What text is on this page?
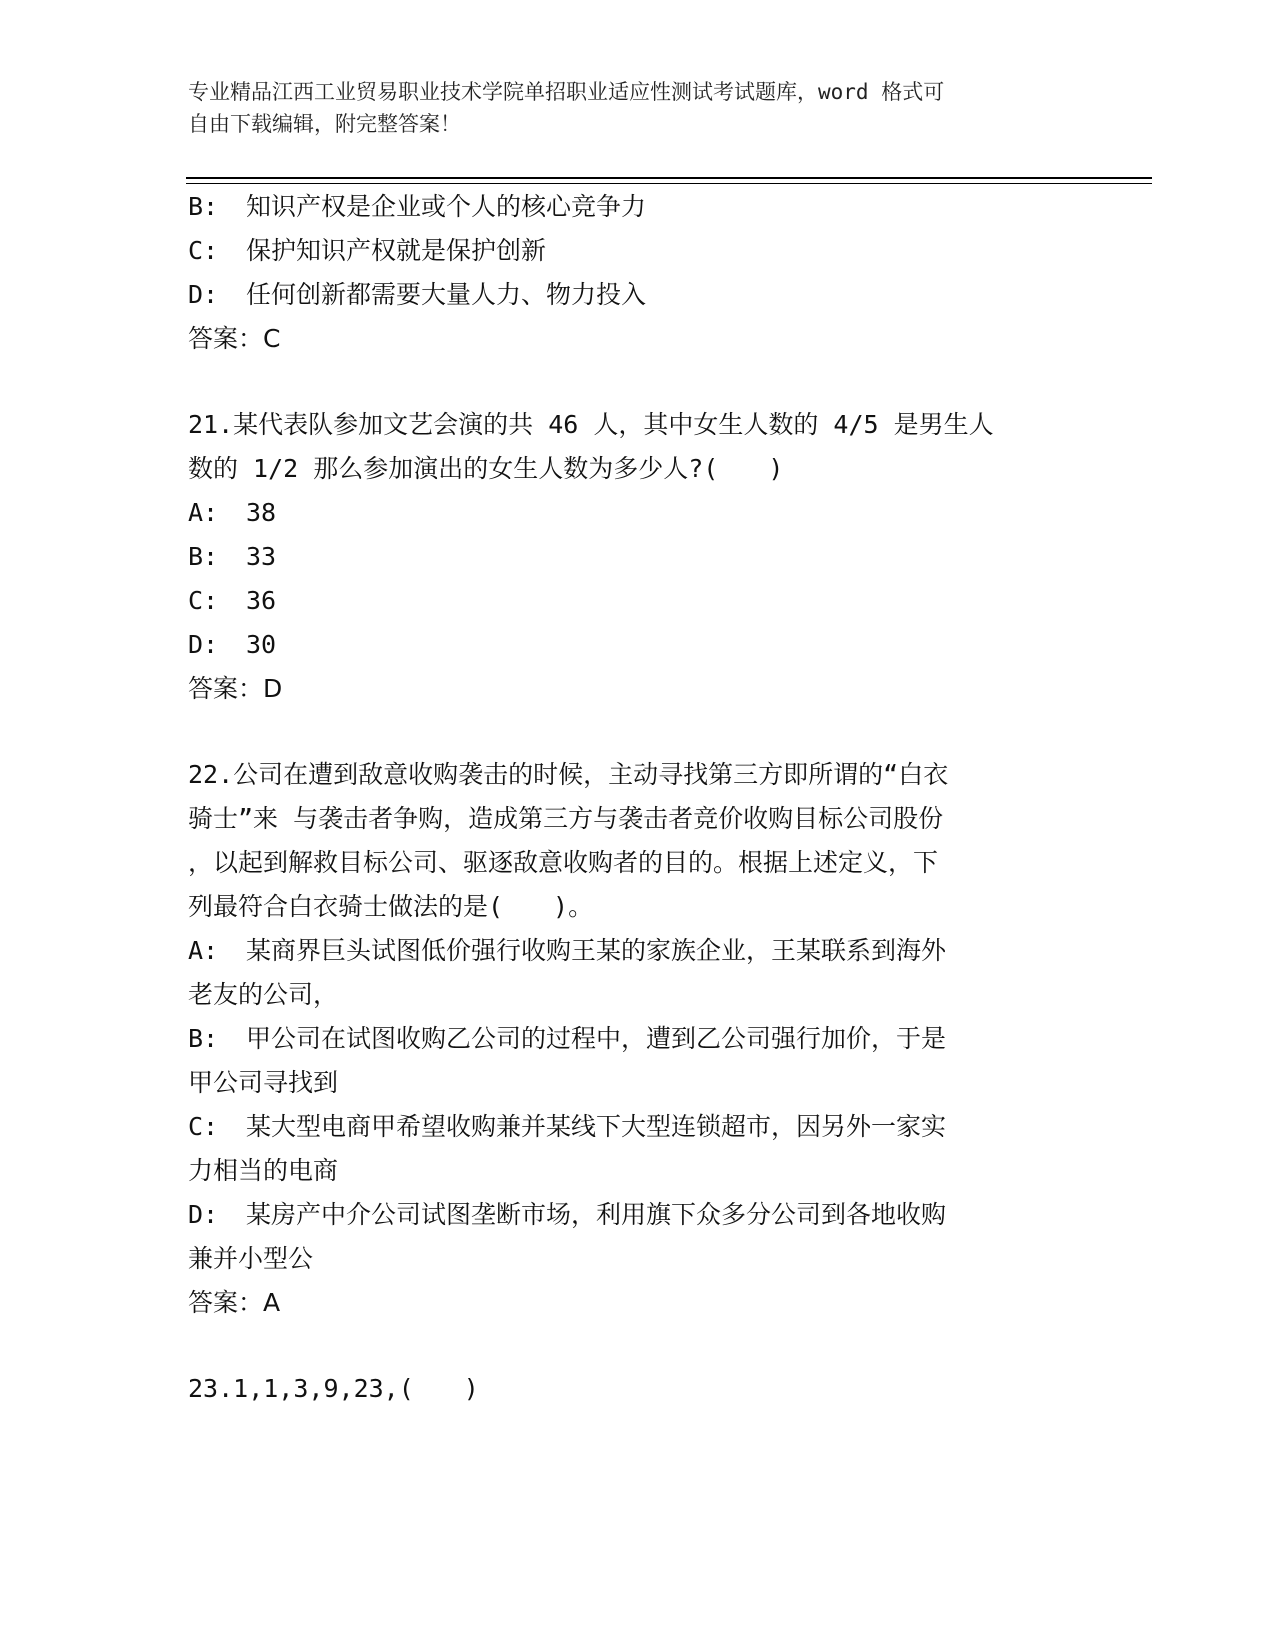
专业精品江西工业贸易职业技术学院单招职业适应性测试考试题库，word 格式可
自由下载编辑，附完整答案！
B: 知识产权是企业或个人的核心竞争力
C: 保护知识产权就是保护创新
D: 任何创新都需要大量人力、物力投入
答案：C
21.某代表队参加文艺会演的共 46 人，其中女生人数的 4/5 是男生人
数的 1/2 那么参加演出的女生人数为多少人?(　　)
A: 38
B: 33
C: 36
D: 30
答案：D
22.公司在遭到敌意收购袭击的时候，主动寻找第三方即所谓的“白衣
骑士”来 与袭击者争购，造成第三方与袭击者竞价收购目标公司股份
，以起到解救目标公司、驱逐敌意收购者的目的。根据上述定义，下
列最符合白衣骑士做法的是(　　)。
A: 某商界巨头试图低价强行收购王某的家族企业，王某联系到海外
老友的公司，
B: 甲公司在试图收购乙公司的过程中，遭到乙公司强行加价，于是
甲公司寻找到
C: 某大型电商甲希望收购兼并某线下大型连锁超市，因另外一家实
力相当的电商
D: 某房产中介公司试图垄断市场，利用旗下众多分公司到各地收购
兼并小型公
答案：A
23.1,1,3,9,23,(　　)
